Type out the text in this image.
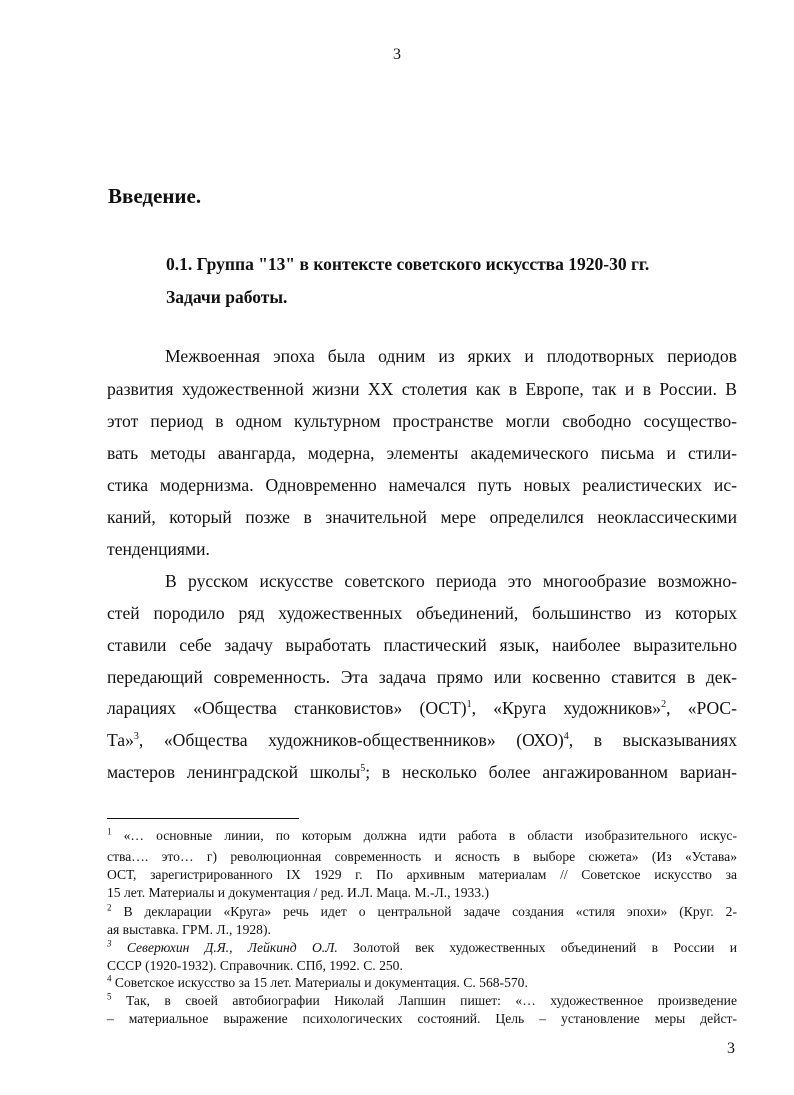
3
Введение.
0.1. Группа "13" в контексте советского искусства 1920-30 гг.
Задачи работы.
Межвоенная эпоха была одним из ярких и плодотворных периодов
развития художественной жизни XX столетия как в Европе, так и в России. В
этот период в одном культурном пространстве могли свободно сосущество-
вать методы авангарда, модерна, элементы академического письма и стили-
стика модернизма. Одновременно намечался путь новых реалистических ис-
каний, который позже в значительной мере определился неоклассическими
тенденциями.
В русском искусстве советского периода это многообразие возможно-
стей породило ряд художественных объединений, большинство из которых
ставили себе задачу выработать пластический язык, наиболее выразительно
передающий современность. Эта задача прямо или косвенно ставится в дек-
ларациях «Общества станковистов» (ОСТ)$^1$, «Круга художников»$^2$, «РОС-
Та»$^3$, «Общества художников-общественников» (ОХО)$^4$, в высказываниях
мастеров ленинградской школы$^5$; в несколько более ангажированном вариан-
$^1$ «… основные линии, по которым должна идти работа в области изобразительного искус-
ства…. это… г) революционная современность и ясность в выборе сюжета» (Из «Устава»
ОСТ, зарегистрированного IX 1929 г. По архивным материалам // Советское искусство за
15 лет. Материалы и документация / ред. И.Л. Маца. М.-Л., 1933.)
$^2$ В декларации «Круга» речь идет о центральной задаче создания «стиля эпохи» (Круг. 2-
ая выставка. ГРМ. Л., 1928).
$^3$ Северюхин Д.Я., Лейкинд О.Л. Золотой век художественных объединений в России и
СССР (1920-1932). Справочник. СПб, 1992. С. 250.
$^4$ Советское искусство за 15 лет. Материалы и документация. С. 568-570.
$^5$ Так, в своей автобиографии Николай Лапшин пишет: «… художественное произведение
– материальное выражение психологических состояний. Цель – установление меры дейст-
3
